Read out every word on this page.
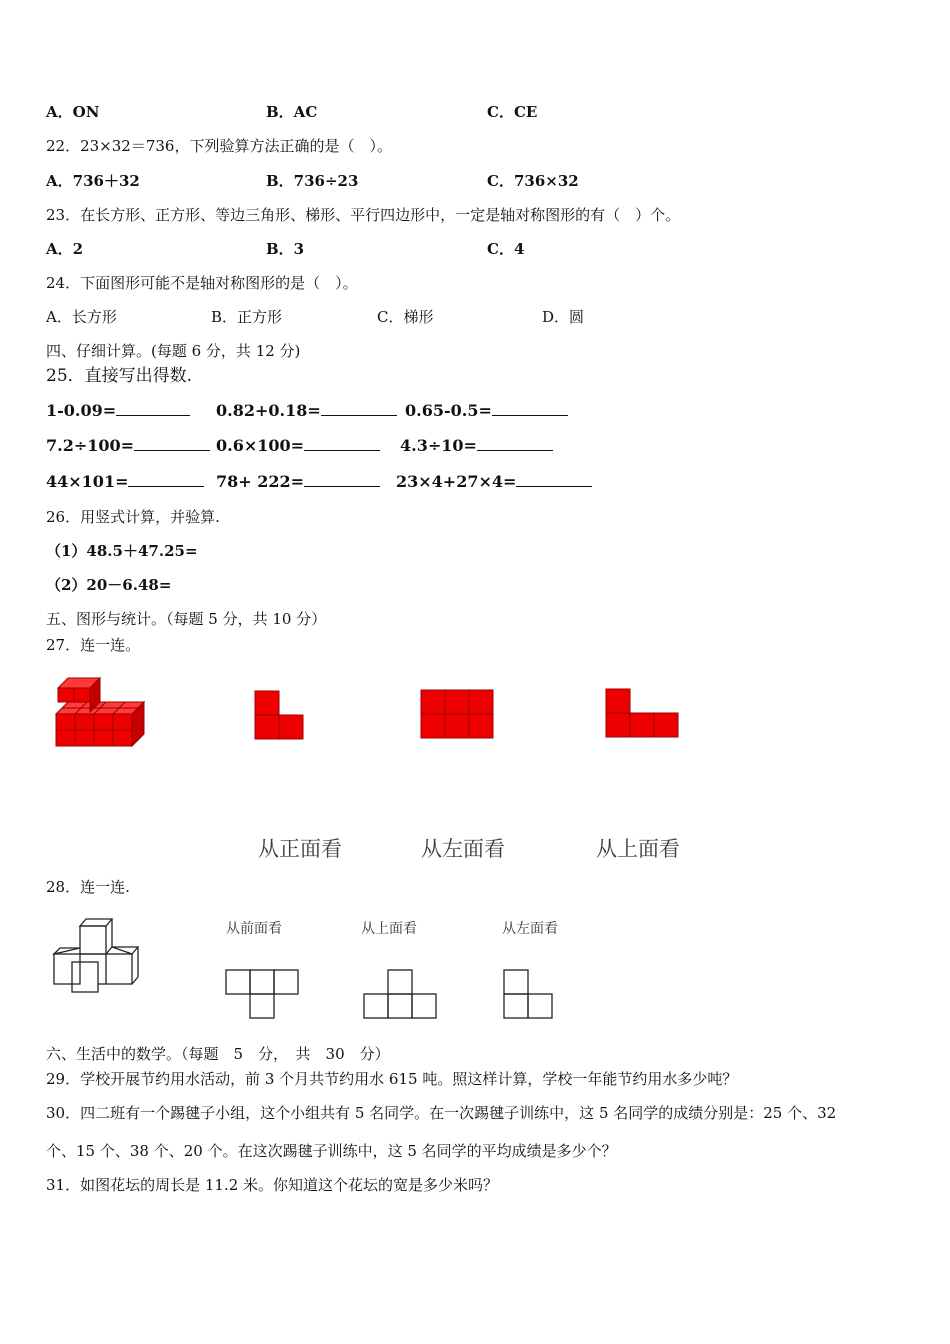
A．ON	B．AC	C．CE
22．23×32＝736，下列验算方法正确的是（　）。
A．736＋32	B．736÷23	C．736×32
23．在长方形、正方形、等边三角形、梯形、平行四边形中，一定是轴对称图形的有（　）个。
A．2	B．3	C．4
24．下面图形可能不是轴对称图形的是（　）。
A．长方形	B．正方形	C．梯形	D．圆
四、仔细计算。(每题 6 分，共 12 分)
25．直接写出得数.
1-0.09=	0.82+0.18=	0.65-0.5=
7.2÷100=	0.6×100=	4.3÷10=
44×101=	78+ 222=	23×4+27×4=
26．用竖式计算，并验算.
（1）48.5＋47.25=
（2）20－6.48=
五、图形与统计。（每题 5 分，共 10 分）
27．连一连。
从正面看	从左面看	从上面看
28．连一连.
从前面看	从上面看	从左面看
六、生活中的数学。（每题　5　分，　共　30　分）
29．学校开展节约用水活动，前 3 个月共节约用水 615 吨。照这样计算，学校一年能节约用水多少吨？
30．四二班有一个踢毽子小组，这个小组共有 5 名同学。在一次踢毽子训练中，这 5 名同学的成绩分别是：25 个、32
个、15 个、38 个、20 个。在这次踢毽子训练中，这 5 名同学的平均成绩是多少个？
31．如图花坛的周长是 11.2 米。你知道这个花坛的宽是多少米吗？
